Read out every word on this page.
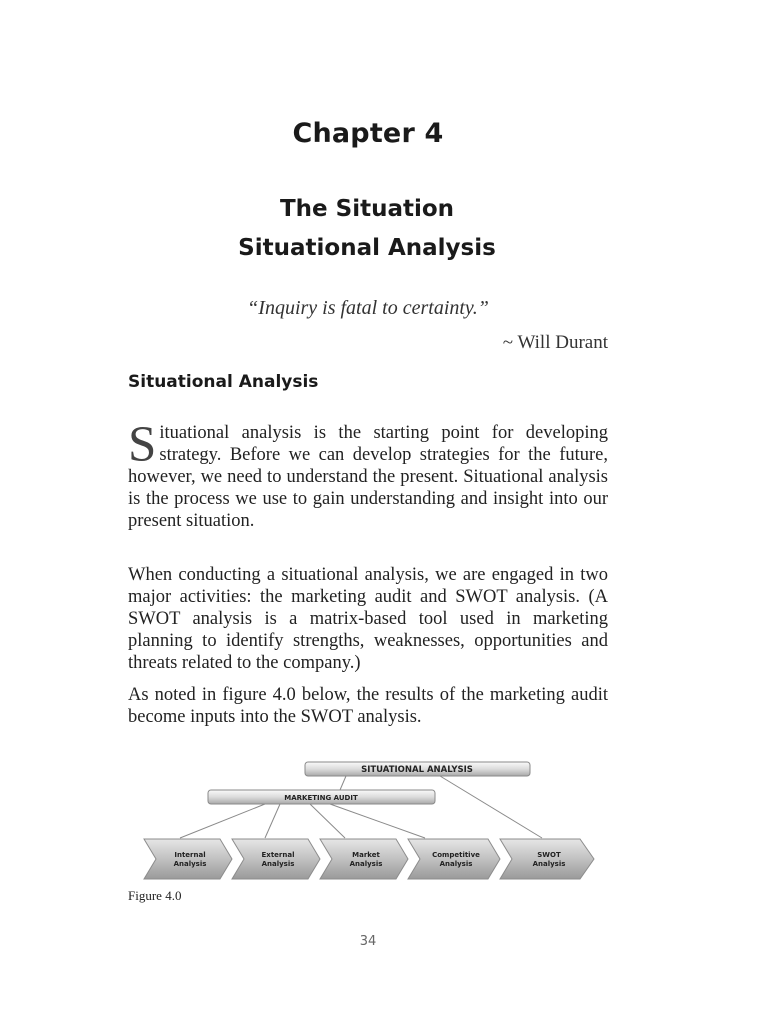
Chapter 4
The Situation
Situational Analysis
“Inquiry is fatal to certainty.”
~ Will Durant
Situational Analysis

Situational analysis is the starting point for developing strategy. Before we can develop strategies for the future, however, we need to understand the present. Situational analysis is the process we use to gain understanding and insight into our present situation.

When conducting a situational analysis, we are engaged in two major activities: the marketing audit and SWOT analysis. (A SWOT analysis is a matrix-based tool used in marketing planning to identify strengths, weaknesses, opportunities and threats related to the company.)

As noted in figure 4.0 below, the results of the marketing audit become inputs into the SWOT analysis.

SITUATIONAL ANALYSIS
MARKETING AUDIT
Internal
Analysis
External
Analysis
Market
Analysis
Competitive
Analysis
SWOT
Analysis
Figure 4.0
34
